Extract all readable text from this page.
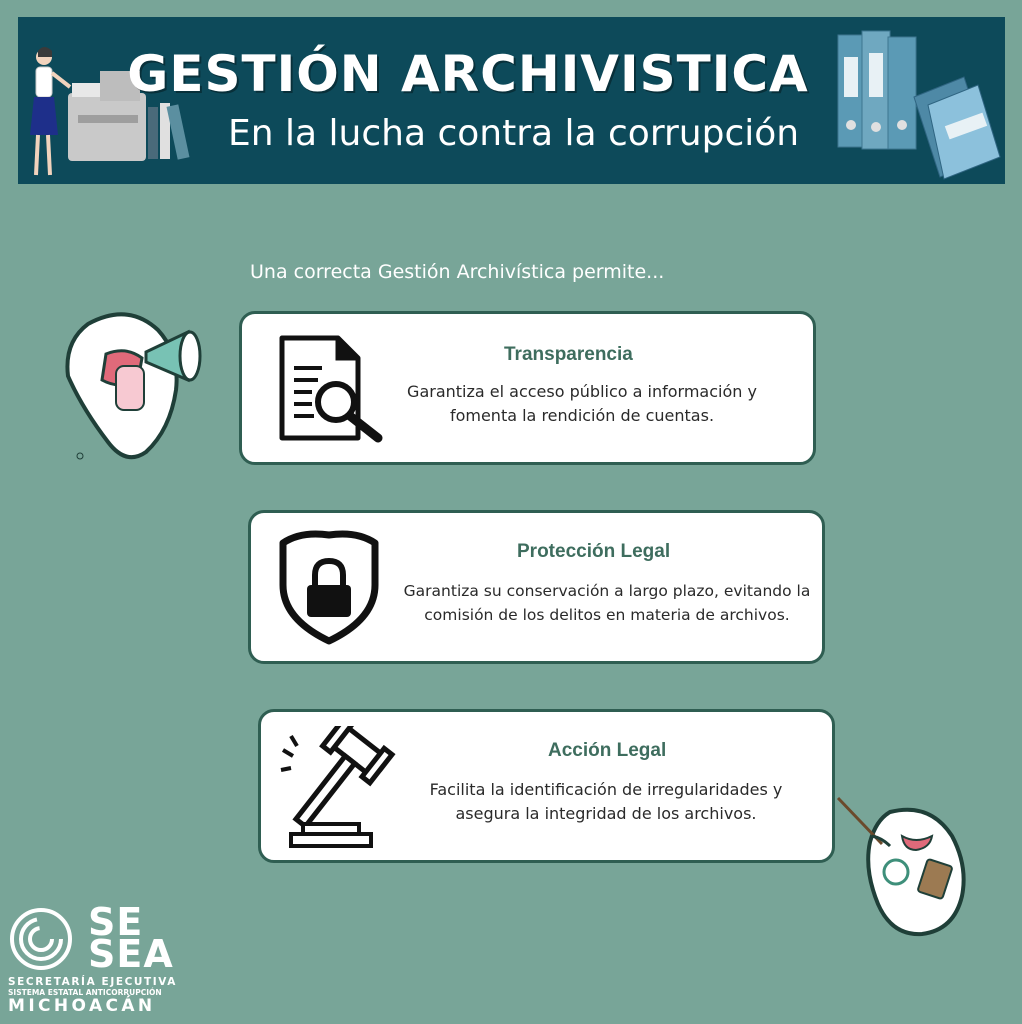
GESTIÓN ARCHIVISTICA
En la lucha contra la corrupción
Una correcta Gestión Archivística permite...
Transparencia
Garantiza el acceso público a información y
fomenta la rendición de cuentas.
Protección Legal
Garantiza su conservación a largo plazo, evitando la
comisión de los delitos en materia de archivos.
Acción Legal
Facilita la identificación de irregularidades y
asegura la integridad de los archivos.
SE
SEA
SECRETARÍA EJECUTIVA
SISTEMA ESTATAL ANTICORRUPCIÓN
MICHOACÁN
